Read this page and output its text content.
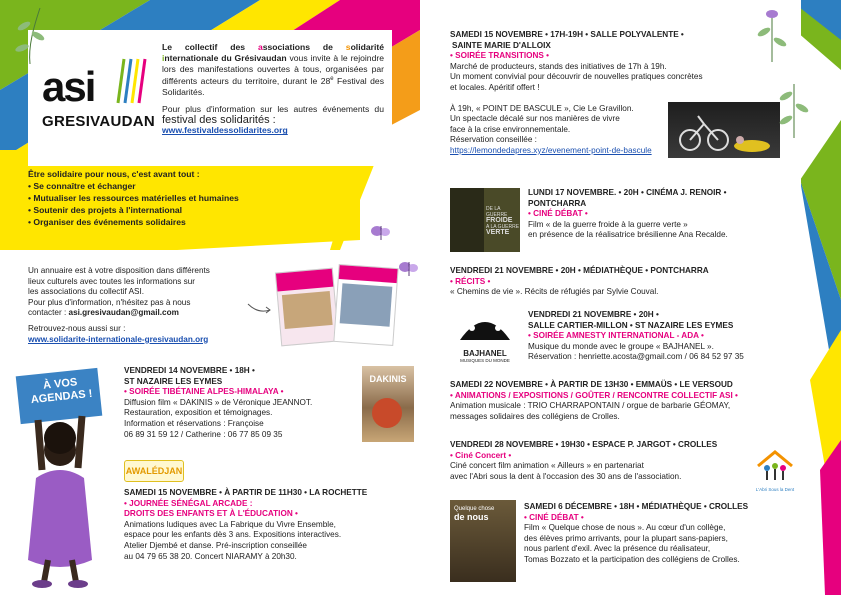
asi
GRESIVAUDAN
Le collectif des associations de solidarité internationale du Grésivaudan vous invite à le rejoindre lors des manifestations ouvertes à tous, organisées par différents acteurs du territoire, durant le 28e Festival des Solidarités.
Pour plus d'information sur les autres événements du festival des solidarités :
www.festivaldessolidarites.org
Être solidaire pour nous, c'est avant tout :
• Se connaître et échanger
• Mutualiser les ressources matérielles et humaines
• Soutenir des projets à l'international
• Organiser des événements solidaires
Un annuaire est à votre disposition dans différents
lieux culturels avec toutes les informations sur
les associations du collectif ASI.
Pour plus d'information, n'hésitez pas à nous
contacter : asi.gresivaudan@gmail.com
Retrouvez-nous aussi sur :
www.solidarite-internationale-gresivaudan.org
À VOS
AGENDAS !
VENDREDI 14 NOVEMBRE • 18H •
ST NAZAIRE LES EYMES
• SOIRÉE TIBÉTAINE ALPES-HIMALAYA •
Diffusion film « DAKINIS » de Véronique JEANNOT.
Restauration, exposition et témoignages.
Information et réservations : Françoise
06 89 31 59 12 / Catherine : 06 77 85 09 35
DAKINIS
AWALÉDJAN
SAMEDI 15 NOVEMBRE • À PARTIR DE 11H30 • LA ROCHETTE
• JOURNÉE SÉNÉGAL ARCADE :
DROITS DES ENFANTS ET À L'ÉDUCATION •
Animations ludiques avec La Fabrique du Vivre Ensemble,
espace pour les enfants dès 3 ans. Expositions interactives.
Atelier Djembé et danse. Pré-inscription conseillée
au 04 79 65 38 20. Concert NIARAMY à 20h30.
SAMEDI 15 NOVEMBRE • 17H-19H • SALLE POLYVALENTE •
SAINTE MARIE D'ALLOIX
• SOIRÉE TRANSITIONS •
Marché de producteurs, stands des initiatives de 17h à 19h.
Un moment convivial pour découvrir de nouvelles pratiques concrètes
et locales. Apéritif offert !
À 19h, « POINT DE BASCULE », Cie Le Gravillon.
Un spectacle décalé sur nos manières de vivre
face à la crise environnementale.
Réservation conseillée :
https://lemondedapres.xyz/evenement-point-de-bascule
DE LA GUERRE
FROIDE
A LA GUERRE
VERTE
LUNDI 17 NOVEMBRE. • 20H • CINÉMA J. RENOIR •
PONTCHARRA
• CINÉ DÉBAT •
Film « de la guerre froide à la guerre verte »
en présence de la réalisatrice brésilienne Ana Recalde.
VENDREDI 21 NOVEMBRE • 20H • MÉDIATHÈQUE • PONTCHARRA
• RÉCITS •
« Chemins de vie ». Récits de réfugiés par Sylvie Couval.
BAJHANEL
MUSIQUES DU MONDE
VENDREDI 21 NOVEMBRE • 20H •
SALLE CARTIER-MILLON • ST NAZAIRE LES EYMES
• SOIRÉE AMNESTY INTERNATIONAL - ADA •
Musique du monde avec le groupe « BAJHANEL ».
Réservation : henriette.acosta@gmail.com / 06 84 52 97 35
SAMEDI 22 NOVEMBRE • À PARTIR DE 13H30 • EMMAÜS • LE VERSOUD
• ANIMATIONS / EXPOSITIONS / GOÛTER / RENCONTRE COLLECTIF ASI •
Animation musicale : TRIO CHARRAPONTAIN / orgue de barbarie GÉOMAY,
messages solidaires des collégiens de Crolles.
VENDREDI 28 NOVEMBRE • 19H30 • ESPACE P. JARGOT • CROLLES
• Ciné Concert •
Ciné concert film animation « Ailleurs » en partenariat
avec l'Abri sous la dent à l'occasion des 30 ans de l'association.
L'Abri Sous la Dent
Quelque chose
de nous
SAMEDI 6 DÉCEMBRE • 18H • MÉDIATHÈQUE • CROLLES
• CINÉ DÉBAT •
Film « Quelque chose de nous ». Au cœur d'un collège,
des élèves primo arrivants, pour la plupart sans-papiers,
nous parlent d'exil. Avec la présence du réalisateur,
Tomas Bozzato et la participation des collégiens de Crolles.
